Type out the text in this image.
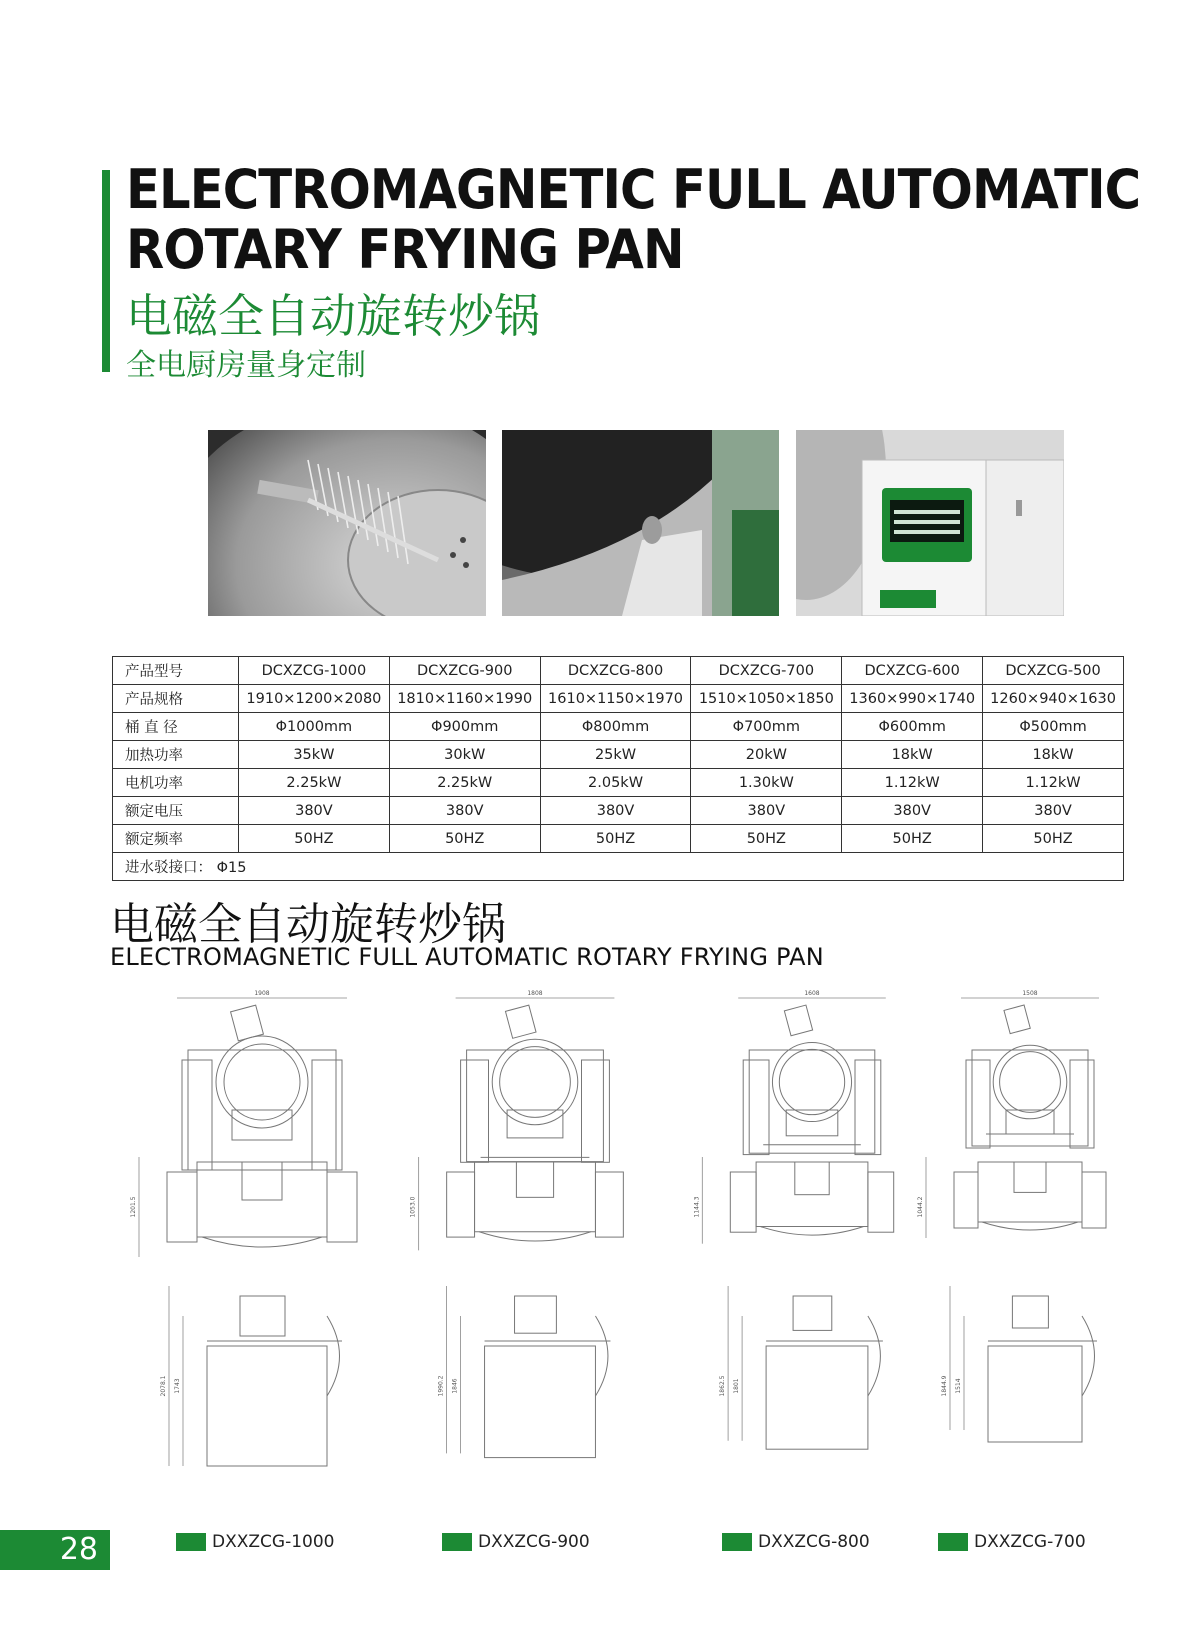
ELECTROMAGNETIC FULL AUTOMATIC
ROTARY FRYING PAN
电磁全自动旋转炒锅
全电厨房量身定制
产品型号	DCXZCG-1000	DCXZCG-900	DCXZCG-800	DCXZCG-700	DCXZCG-600	DCXZCG-500
产品规格	1910×1200×2080	1810×1160×1990	1610×1150×1970	1510×1050×1850	1360×990×1740	1260×940×1630
桶 直 径	Φ1000mm	Φ900mm	Φ800mm	Φ700mm	Φ600mm	Φ500mm
加热功率	35kW	30kW	25kW	20kW	18kW	18kW
电机功率	2.25kW	2.25kW	2.05kW	1.30kW	1.12kW	1.12kW
额定电压	380V	380V	380V	380V	380V	380V
额定频率	50HZ	50HZ	50HZ	50HZ	50HZ	50HZ
进水驳接口： Φ15						
电磁全自动旋转炒锅
ELECTROMAGNETIC FULL AUTOMATIC ROTARY FRYING PAN
1908
1201.5
2078.1 1743
1808
1053.0
1990.2 1846
1608
1144.3
1862.5 1801
1508
1044.2
1844.9 1514
DXXZCG-1000	DXXZCG-900	DXXZCG-800	DXXZCG-700
28
